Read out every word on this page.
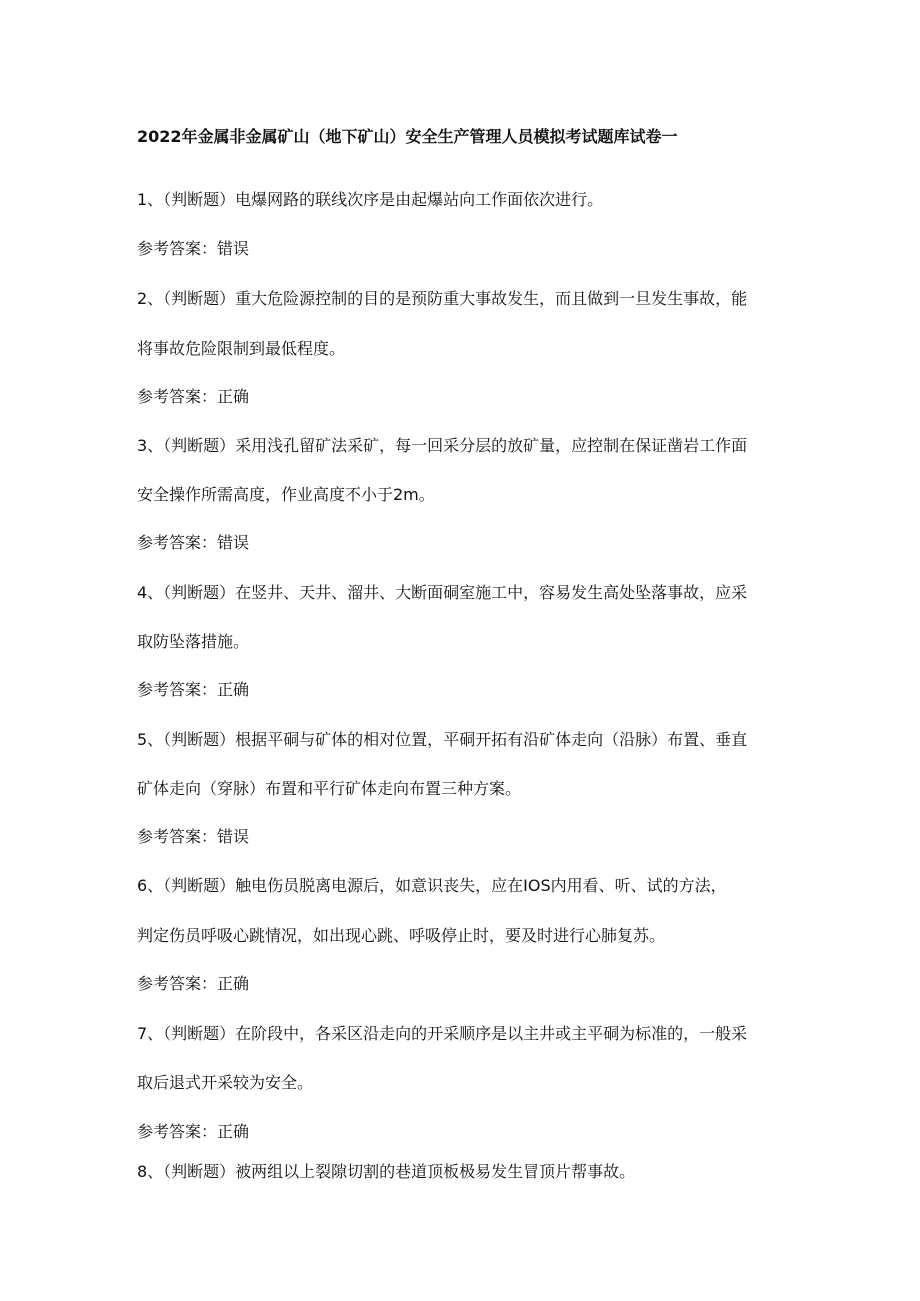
2022年金属非金属矿山（地下矿山）安全生产管理人员模拟考试题库试卷一
1、（判断题）电爆网路的联线次序是由起爆站向工作面依次进行。
参考答案：错误
2、（判断题）重大危险源控制的目的是预防重大事故发生，而且做到一旦发生事故，能
将事故危险限制到最低程度。
参考答案：正确
3、（判断题）采用浅孔留矿法采矿，每一回采分层的放矿量，应控制在保证凿岩工作面
安全操作所需高度，作业高度不小于2m。
参考答案：错误
4、（判断题）在竖井、天井、溜井、大断面硐室施工中，容易发生高处坠落事故，应采
取防坠落措施。
参考答案：正确
5、（判断题）根据平硐与矿体的相对位置，平硐开拓有沿矿体走向（沿脉）布置、垂直
矿体走向（穿脉）布置和平行矿体走向布置三种方案。
参考答案：错误
6、（判断题）触电伤员脱离电源后，如意识丧失，应在IOS内用看、听、试的方法，
判定伤员呼吸心跳情况，如出现心跳、呼吸停止时，要及时进行心肺复苏。
参考答案：正确
7、（判断题）在阶段中，各采区沿走向的开采顺序是以主井或主平硐为标准的，一般采
取后退式开采较为安全。
参考答案：正确
8、（判断题）被两组以上裂隙切割的巷道顶板极易发生冒顶片帮事故。
